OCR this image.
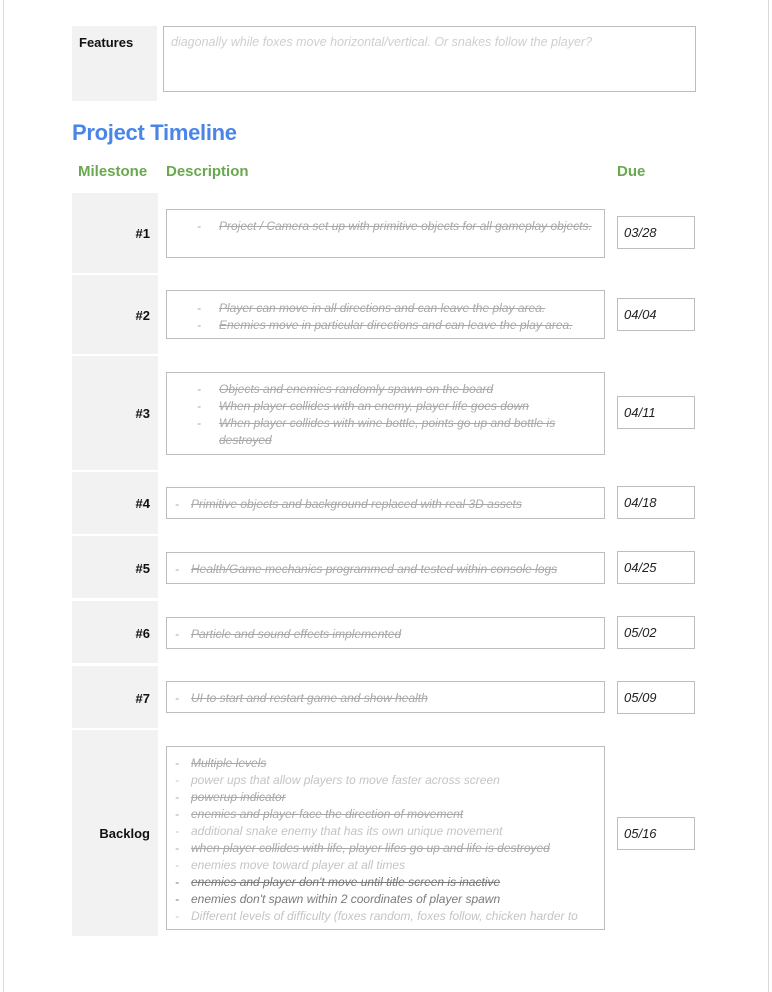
Features	diagonally while foxes move horizontal/vertical. Or snakes follow the player?
Project Timeline
Milestone Description	Due
#1	- Project / Camera set up with primitive objects for all gameplay objects.	03/28
#2	- Player can move in all directions and can leave the play area.
- Enemies move in particular directions and can leave the play area.
04/04
#3
- Objects and enemies randomly spawn on the board
- When player collides with an enemy, player life goes down
- When player collides with wine bottle, points go up and bottle is destroyed
04/11
#4	- Primitive objects and background replaced with real 3D assets	04/18
#5	- Health/Game mechanics programmed and tested within console logs	04/25
#6	- Particle and sound effects implemented	05/02
#7	- UI to start and restart game and show health	05/09
Backlog
- Multiple levels
- power ups that allow players to move faster across screen
- powerup indicator
- enemies and player face the direction of movement
- additional snake enemy that has its own unique movement
- when player collides with life, player lifes go up and life is destroyed
- enemies move toward player at all times
- enemies and player don't move until title screen is inactive
- enemies don't spawn within 2 coordinates of player spawn
- Different levels of difficulty (foxes random, foxes follow, chicken harder to
05/16
